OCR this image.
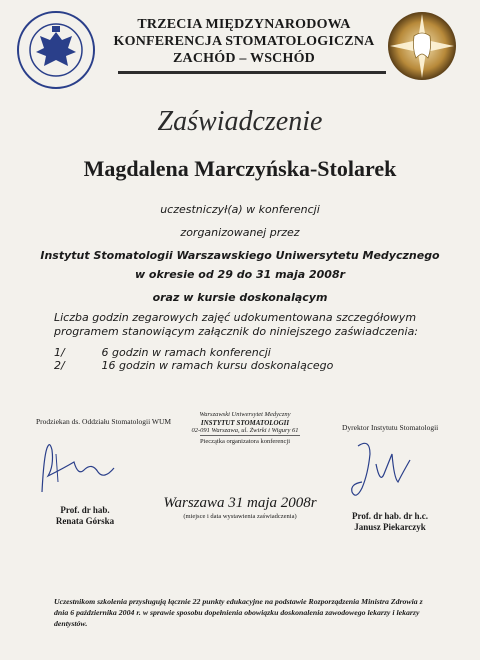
TRZECIA MIĘDZYNARODOWA
KONFERENCJA STOMATOLOGICZNA
ZACHÓD – WSCHÓD
Zaświadczenie
Magdalena Marczyńska-Stolarek
uczestniczył(a) w konferencji
zorganizowanej przez
Instytut Stomatologii Warszawskiego Uniwersytetu Medycznego
w okresie od 29 do 31 maja 2008r
oraz w kursie doskonalącym
Liczba godzin zegarowych zajęć udokumentowana szczegółowym programem stanowiącym załącznik do niniejszego zaświadczenia:
1/	6 godzin w ramach konferencji
2/	16 godzin w ramach kursu doskonalącego
Prodziekan ds. Oddziału Stomatologii WUM
Prof. dr hab.
Renata Górska
Warszawski Uniwersytet Medyczny
INSTYTUT STOMATOLOGII
02-091 Warszawa, ul. Żwirki i Wigury 61
Pieczątka organizatora konferencji
Dyrektor Instytutu Stomatologii
Prof. dr hab. dr h.c.
Janusz Piekarczyk
Warszawa 31 maja 2008r
(miejsce i data wystawienia zaświadczenia)
Uczestnikom szkolenia przysługują łącznie 22 punkty edukacyjne na podstawie Rozporządzenia Ministra Zdrowia z dnia 6 października 2004 r. w sprawie sposobu dopełnienia obowiązku doskonalenia zawodowego lekarzy i lekarzy dentystów.
